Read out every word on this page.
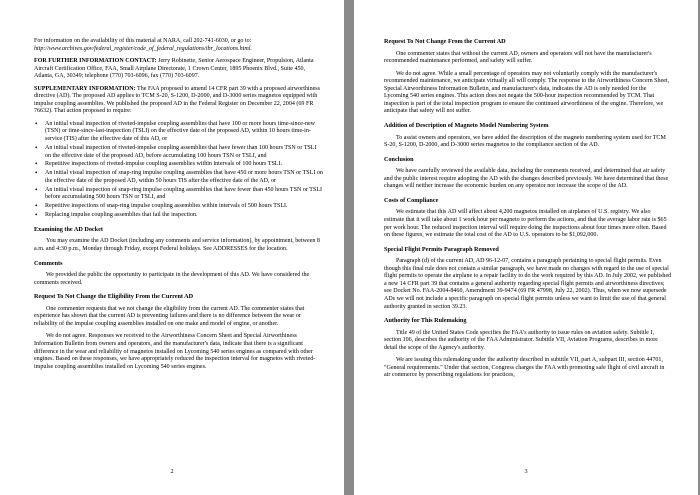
For information on the availability of this material at NARA, call 202-741-6030, or go to: http://www.archives.gov/federal_register/code_of_federal_regulations/ibr_locations.html.

FOR FURTHER INFORMATION CONTACT: Jerry Robinette, Senior Aerospace Engineer, Propulsion, Atlanta Aircraft Certification Office, FAA, Small Airplane Directorate, 1 Crown Center, 1895 Phoenix Blvd., Suite 450, Atlanta, GA, 30349; telephone (770) 703-6096, fax (770) 703-6097.

SUPPLEMENTARY INFORMATION: The FAA proposed to amend 14 CFR part 39 with a proposed airworthiness directive (AD). The proposed AD applies to TCM S-20, S-1200, D-2000, and D-3000 series magnetos equipped with impulse coupling assemblies. We published the proposed AD in the Federal Register on December 22, 2004 (69 FR 76632). That action proposed to require:

• An initial visual inspection of riveted-impulse coupling assemblies that have 100 or more hours time-since-new (TSN) or time-since-last-inspection (TSLI) on the effective date of the proposed AD, within 10 hours time-in-service (TIS) after the effective date of this AD, or
• An initial visual inspection of riveted-impulse coupling assemblies that have fewer than 100 hours TSN or TSLI on the effective date of the proposed AD, before accumulating 100 hours TSN or TSLI, and
• Repetitive inspections of riveted-impulse coupling assemblies within intervals of 100 hours TSLI.
• An initial visual inspection of snap-ring impulse coupling assemblies that have 450 or more hours TSN or TSLI on the effective date of the proposed AD, within 50 hours TIS after the effective date of the AD, or
• An initial visual inspection of snap-ring impulse coupling assemblies that have fewer than 450 hours TSN or TSLI before accumulating 500 hours TSN or TSLI, and
• Repetitive inspections of snap-ring impulse coupling assemblies within intervals of 500 hours TSLI.
• Replacing impulse coupling assemblies that fail the inspection.
Examining the AD Docket

You may examine the AD Docket (including any comments and service information), by appointment, between 8 a.m. and 4:30 p.m., Monday through Friday, except Federal holidays. See ADDRESSES for the location.

Comments

We provided the public the opportunity to participate in the development of this AD. We have considered the comments received.

Request To Not Change the Eligibility From the Current AD

One commenter requests that we not change the eligibility from the current AD. The commenter states that experience has shown that the current AD is preventing failures and there is no difference between the wear or reliability of the impulse coupling assemblies installed on one make and model of engine, or another.

We do not agree. Responses we received to the Airworthiness Concern Sheet and Special Airworthiness Information Bulletin from owners and operators, and the manufacturer's data, indicate that there is a significant difference in the wear and reliability of magnetos installed on Lycoming 540 series engines as compared with other engines. Based on these responses, we have appropriately reduced the inspection interval for magnetos with riveted-impulse coupling assemblies installed on Lycoming 540 series engines.

2
Request To Not Change From the Current AD

One commenter states that without the current AD, owners and operators will not have the manufacturer's recommended maintenance performed, and safety will suffer.

We do not agree. While a small percentage of operators may not voluntarily comply with the manufacturer's recommended maintenance, we anticipate virtually all will comply. The response to the Airworthiness Concern Sheet, Special Airworthiness Information Bulletin, and manufacturer's data, indicates the AD is only needed for the Lycoming 540 series engines. This action does not negate the 500-hour inspection recommended by TCM. That inspection is part of the total inspection program to ensure the continued airworthiness of the engine. Therefore, we anticipate that safety will not suffer.

Addition of Description of Magneto Model Numbering System

To assist owners and operators, we have added the description of the magneto numbering system used for TCM S-20, S-1200, D-2000, and D-3000 series magnetos to the compliance section of the AD.

Conclusion

We have carefully reviewed the available data, including the comments received, and determined that air safety and the public interest require adopting the AD with the changes described previously. We have determined that these changes will neither increase the economic burden on any operator nor increase the scope of the AD.

Costs of Compliance

We estimate that this AD will affect about 4,200 magnetos installed on airplanes of U.S. registry. We also estimate that it will take about 1 work hour per magneto to perform the actions, and that the average labor rate is $65 per work hour. The reduced inspection interval will require doing the inspections about four times more often. Based on these figures, we estimate the total cost of the AD to U.S. operators to be $1,092,000.

Special Flight Permits Paragraph Removed

Paragraph (d) of the current AD, AD 96-12-07, contains a paragraph pertaining to special flight permits. Even though this final rule does not contain a similar paragraph, we have made no changes with regard to the use of special flight permits to operate the airplane to a repair facility to do the work required by this AD. In July 2002, we published a new 14 CFR part 39 that contains a general authority regarding special flight permits and airworthiness directives; see Docket No. FAA-2004-8460, Amendment 39-9474 (69 FR 47998, July 22, 2002). Thus, when we now supersede ADs we will not include a specific paragraph on special flight permits unless we want to limit the use of that general authority granted in section 39.23.

Authority for This Rulemaking

Title 49 of the United States Code specifies the FAA's authority to issue rules on aviation safety. Subtitle I, section 106, describes the authority of the FAA Administrator. Subtitle VII, Aviation Programs, describes in more detail the scope of the Agency's authority.

We are issuing this rulemaking under the authority described in subtitle VII, part A, subpart III, section 44701, "General requirements." Under that section, Congress charges the FAA with promoting safe flight of civil aircraft in air commerce by prescribing regulations for practices,

3
